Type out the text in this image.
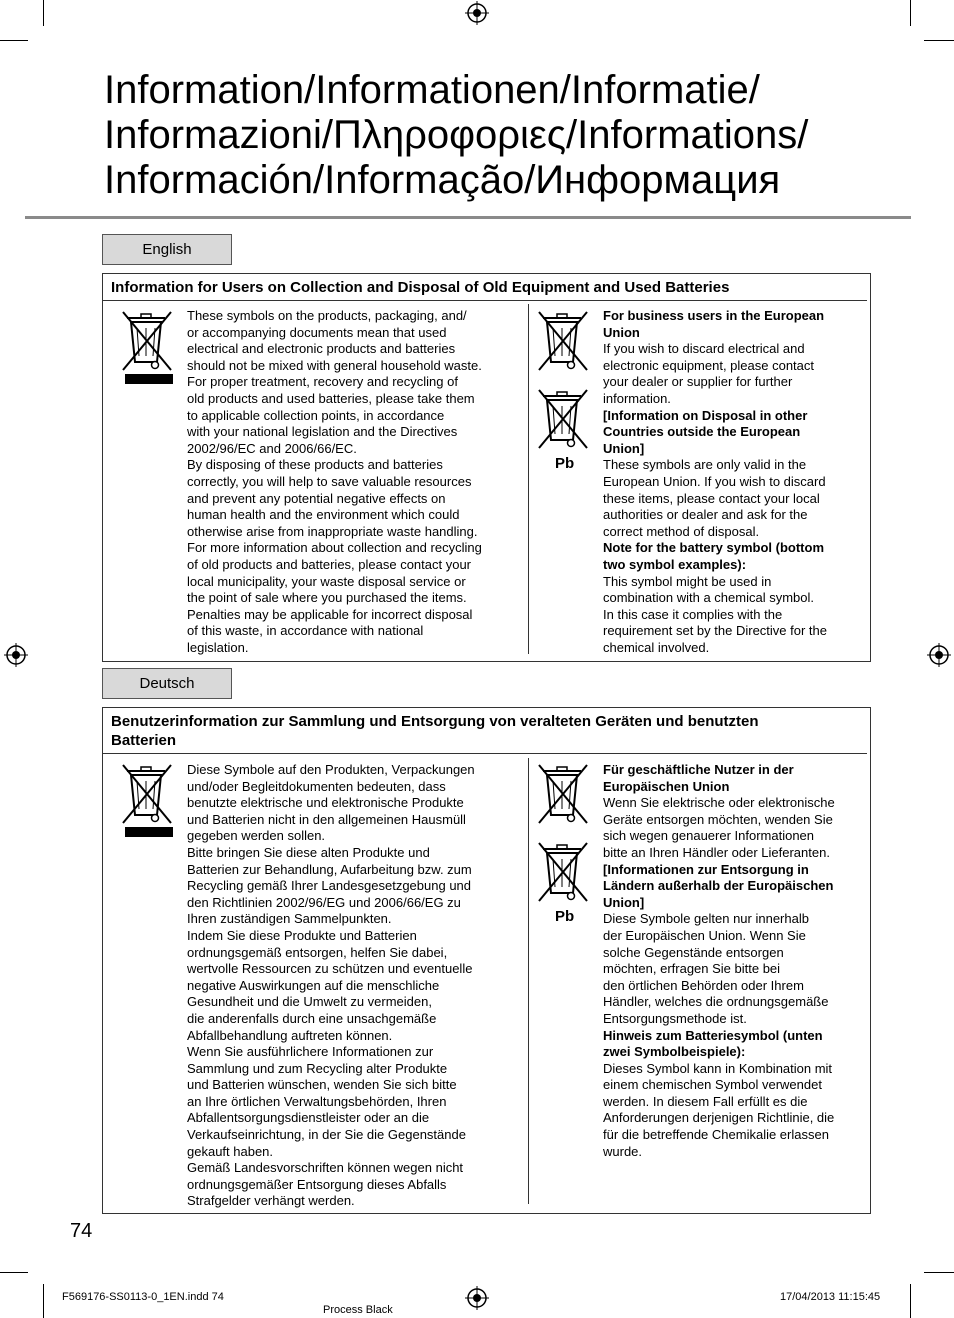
Information/Informationen/Informatie/
Informazioni/Πληροφοριες/Informations/
Información/Informação/Информация
English
Information for Users on Collection and Disposal of Old Equipment and Used Batteries
These symbols on the products, packaging, and/
or accompanying documents mean that used
electrical and electronic products and batteries
should not be mixed with general household waste.
For proper treatment, recovery and recycling of
old products and used batteries, please take them
to applicable collection points, in accordance
with your national legislation and the Directives
2002/96/EC and 2006/66/EC.
By disposing of these products and batteries
correctly, you will help to save valuable resources
and prevent any potential negative effects on
human health and the environment which could
otherwise arise from inappropriate waste handling.
For more information about collection and recycling
of old products and batteries, please contact your
local municipality, your waste disposal service or
the point of sale where you purchased the items.
Penalties may be applicable for incorrect disposal
of this waste, in accordance with national
legislation.
Pb
For business users in the European
Union
If you wish to discard electrical and
electronic equipment, please contact
your dealer or supplier for further
information.
[Information on Disposal in other
Countries outside the European
Union]
These symbols are only valid in the
European Union. If you wish to discard
these items, please contact your local
authorities or dealer and ask for the
correct method of disposal.
Note for the battery symbol (bottom
two symbol examples):
This symbol might be used in
combination with a chemical symbol.
In this case it complies with the
requirement set by the Directive for the
chemical involved.
Deutsch
Benutzerinformation zur Sammlung und Entsorgung von veralteten Geräten und benutzten
Batterien
Diese Symbole auf den Produkten, Verpackungen
und/oder Begleitdokumenten bedeuten, dass
benutzte elektrische und elektronische Produkte
und Batterien nicht in den allgemeinen Hausmüll
gegeben werden sollen.
Bitte bringen Sie diese alten Produkte und
Batterien zur Behandlung, Aufarbeitung bzw. zum
Recycling gemäß Ihrer Landesgesetzgebung und
den Richtlinien 2002/96/EG und 2006/66/EG zu
Ihren zuständigen Sammelpunkten.
Indem Sie diese Produkte und Batterien
ordnungsgemäß entsorgen, helfen Sie dabei,
wertvolle Ressourcen zu schützen und eventuelle
negative Auswirkungen auf die menschliche
Gesundheit und die Umwelt zu vermeiden,
die anderenfalls durch eine unsachgemäße
Abfallbehandlung auftreten können.
Wenn Sie ausführlichere Informationen zur
Sammlung und zum Recycling alter Produkte
und Batterien wünschen, wenden Sie sich bitte
an Ihre örtlichen Verwaltungsbehörden, Ihren
Abfallentsorgungsdienstleister oder an die
Verkaufseinrichtung, in der Sie die Gegenstände
gekauft haben.
Gemäß Landesvorschriften können wegen nicht
ordnungsgemäßer Entsorgung dieses Abfalls
Strafgelder verhängt werden.
Pb
Für geschäftliche Nutzer in der
Europäischen Union
Wenn Sie elektrische oder elektronische
Geräte entsorgen möchten, wenden Sie
sich wegen genauerer Informationen
bitte an Ihren Händler oder Lieferanten.
[Informationen zur Entsorgung in
Ländern außerhalb der Europäischen
Union]
Diese Symbole gelten nur innerhalb
der Europäischen Union. Wenn Sie
solche Gegenstände entsorgen
möchten, erfragen Sie bitte bei
den örtlichen Behörden oder Ihrem
Händler, welches die ordnungsgemäße
Entsorgungsmethode ist.
Hinweis zum Batteriesymbol (unten
zwei Symbolbeispiele):
Dieses Symbol kann in Kombination mit
einem chemischen Symbol verwendet
werden. In diesem Fall erfüllt es die
Anforderungen derjenigen Richtlinie, die
für die betreffende Chemikalie erlassen
wurde.
74
F569176-SS0113-0_1EN.indd 74
Process Black
17/04/2013 11:15:45
